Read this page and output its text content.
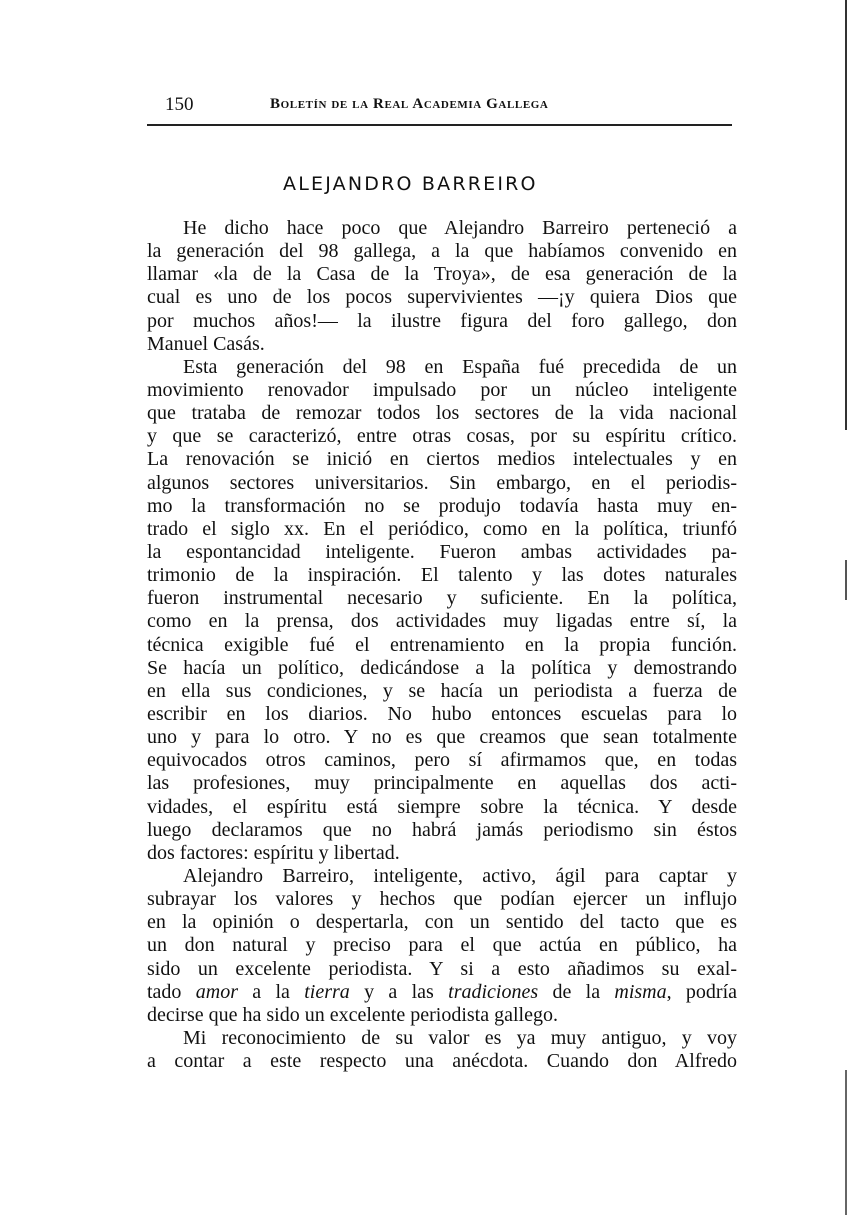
150	Boletín de la Real Academia Gallega
ALEJANDRO BARREIRO
He dicho hace poco que Alejandro Barreiro perteneció a
la generación del 98 gallega, a la que habíamos convenido en
llamar «la de la Casa de la Troya», de esa generación de la
cual es uno de los pocos supervivientes —¡y quiera Dios que
por muchos años!— la ilustre figura del foro gallego, don
Manuel Casás.
Esta generación del 98 en España fué precedida de un
movimiento renovador impulsado por un núcleo inteligente
que trataba de remozar todos los sectores de la vida nacional
y que se caracterizó, entre otras cosas, por su espíritu crítico.
La renovación se inició en ciertos medios intelectuales y en
algunos sectores universitarios. Sin embargo, en el periodis-
mo la transformación no se produjo todavía hasta muy en-
trado el siglo xx. En el periódico, como en la política, triunfó
la espontancidad inteligente. Fueron ambas actividades pa-
trimonio de la inspiración. El talento y las dotes naturales
fueron instrumental necesario y suficiente. En la política,
como en la prensa, dos actividades muy ligadas entre sí, la
técnica exigible fué el entrenamiento en la propia función.
Se hacía un político, dedicándose a la política y demostrando
en ella sus condiciones, y se hacía un periodista a fuerza de
escribir en los diarios. No hubo entonces escuelas para lo
uno y para lo otro. Y no es que creamos que sean totalmente
equivocados otros caminos, pero sí afirmamos que, en todas
las profesiones, muy principalmente en aquellas dos acti-
vidades, el espíritu está siempre sobre la técnica. Y desde
luego declaramos que no habrá jamás periodismo sin éstos
dos factores: espíritu y libertad.
Alejandro Barreiro, inteligente, activo, ágil para captar y
subrayar los valores y hechos que podían ejercer un influjo
en la opinión o despertarla, con un sentido del tacto que es
un don natural y preciso para el que actúa en público, ha
sido un excelente periodista. Y si a esto añadimos su exal-
tado amor a la tierra y a las tradiciones de la misma, podría
decirse que ha sido un excelente periodista gallego.
Mi reconocimiento de su valor es ya muy antiguo, y voy
a contar a este respecto una anécdota. Cuando don Alfredo
